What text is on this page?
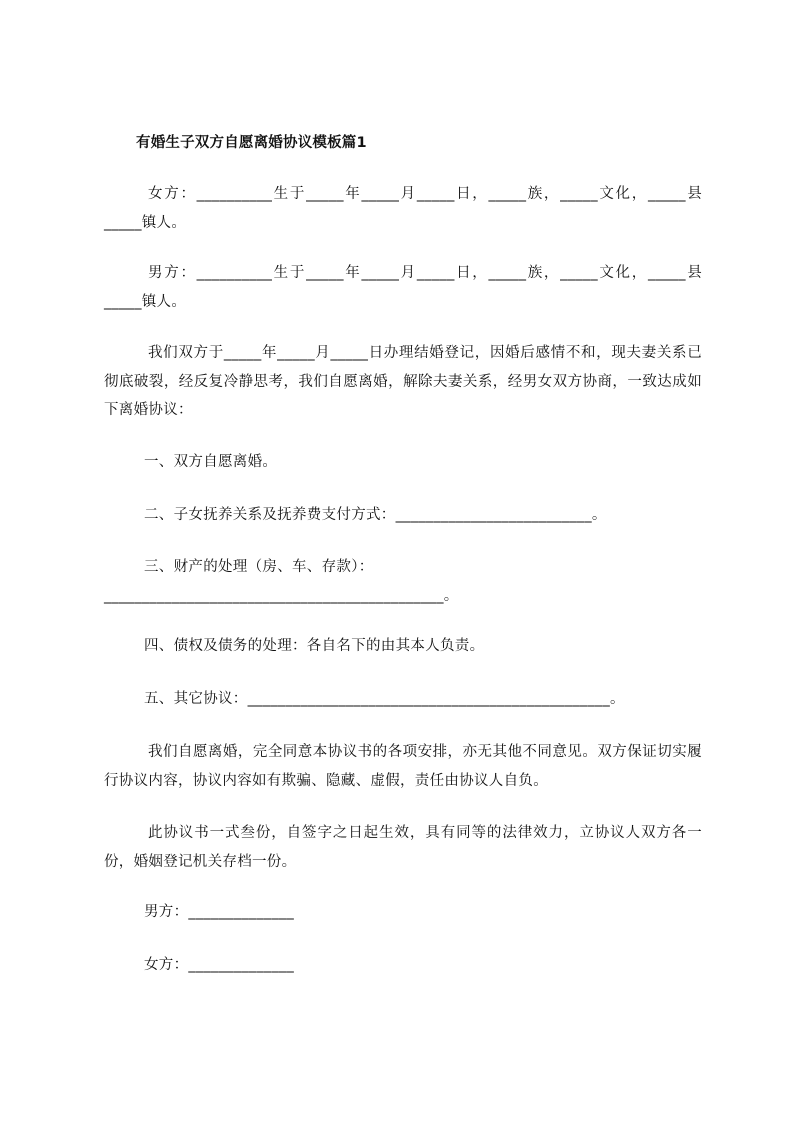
有婚生子双方自愿离婚协议模板篇1
女方：__________生于_____年_____月_____日，_____族，_____文化，_____县_____镇人。
男方：__________生于_____年_____月_____日，_____族，_____文化，_____县_____镇人。
我们双方于_____年_____月_____日办理结婚登记，因婚后感情不和，现夫妻关系已彻底破裂，经反复冷静思考，我们自愿离婚，解除夫妻关系，经男女双方协商，一致达成如下离婚协议：
一、双方自愿离婚。
二、子女抚养关系及抚养费支付方式：__________________________。
三、财产的处理（房、车、存款）：_____________________________________________。
四、债权及债务的处理：各自名下的由其本人负责。
五、其它协议：________________________________________________。
我们自愿离婚，完全同意本协议书的各项安排，亦无其他不同意见。双方保证切实履行协议内容，协议内容如有欺骗、隐藏、虚假，责任由协议人自负。
此协议书一式叁份，自签字之日起生效，具有同等的法律效力，立协议人双方各一份，婚姻登记机关存档一份。
男方：______________
女方：______________
